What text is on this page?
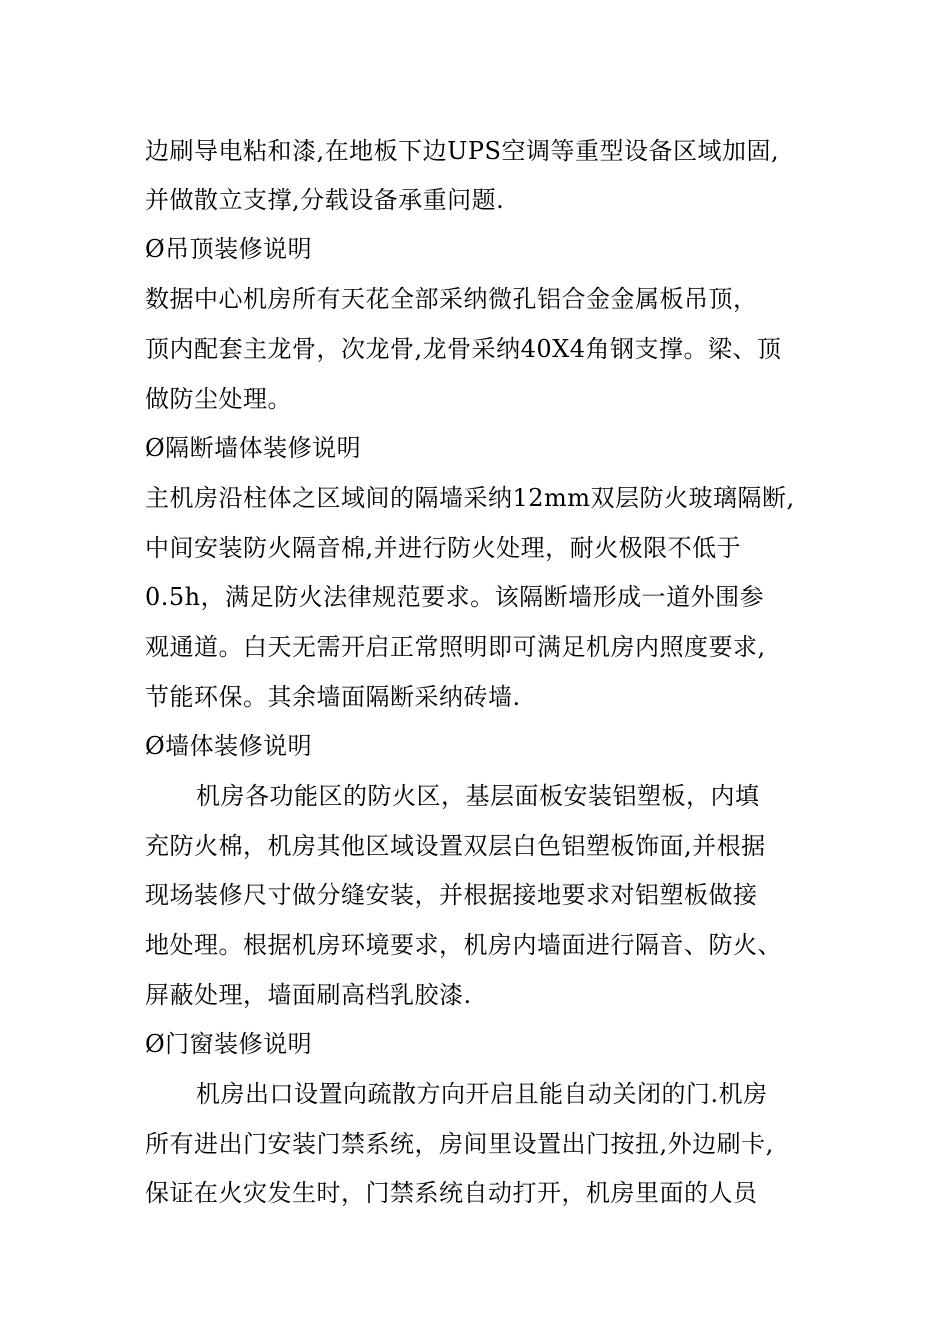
边刷导电粘和漆,在地板下边UPS空调等重型设备区域加固,
并做散立支撑,分载设备承重问题.
Ø吊顶装修说明
数据中心机房所有天花全部采纳微孔铝合金金属板吊顶，
顶内配套主龙骨，次龙骨,龙骨采纳40X4角钢支撑。梁、顶
做防尘处理。
Ø隔断墙体装修说明
主机房沿柱体之区域间的隔墙采纳12mm双层防火玻璃隔断,
中间安装防火隔音棉,并进行防火处理，耐火极限不低于
0.5h，满足防火法律规范要求。该隔断墙形成一道外围参
观通道。白天无需开启正常照明即可满足机房内照度要求,
节能环保。其余墙面隔断采纳砖墙.
Ø墙体装修说明
机房各功能区的防火区，基层面板安装铝塑板，内填
充防火棉，机房其他区域设置双层白色铝塑板饰面,并根据
现场装修尺寸做分缝安装，并根据接地要求对铝塑板做接
地处理。根据机房环境要求，机房内墙面进行隔音、防火、
屏蔽处理，墙面刷高档乳胶漆.
Ø门窗装修说明
机房出口设置向疏散方向开启且能自动关闭的门.机房
所有进出门安装门禁系统，房间里设置出门按扭,外边刷卡,
保证在火灾发生时，门禁系统自动打开，机房里面的人员
